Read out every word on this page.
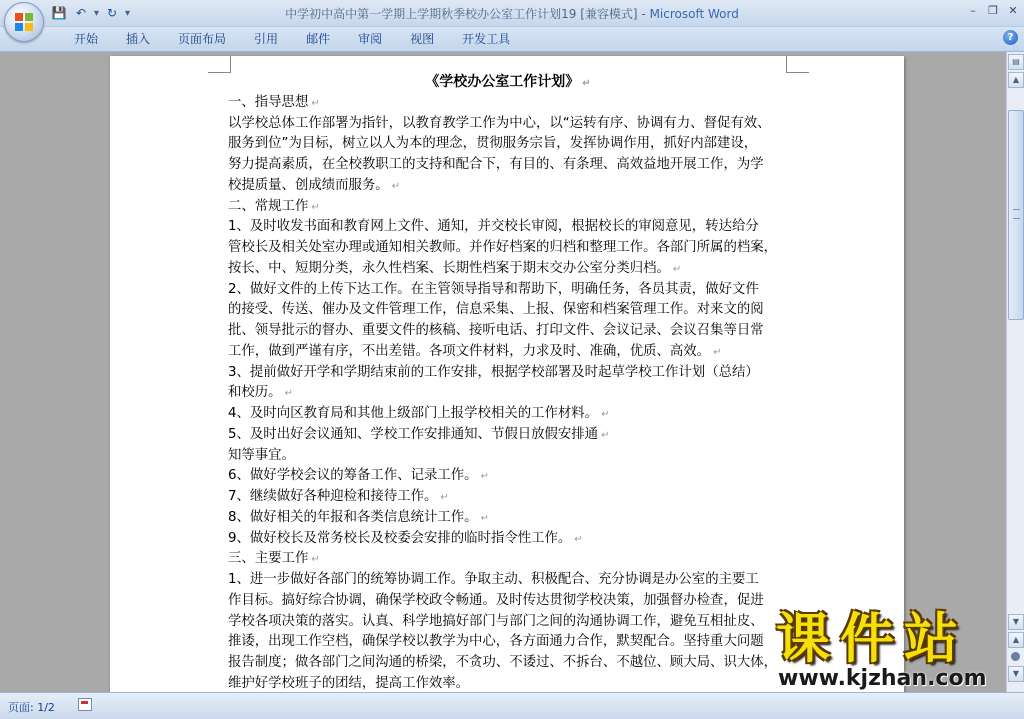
💾 ↶ ▾ ↻ ▾	中学初中高中第一学期上学期秋季校办公室工作计划19 [兼容模式] - Microsoft Word	–	❐ ✕
开始	插入	页面布局	引用	邮件	审阅	视图	开发工具	?
《学校办公室工作计划》 ↵
一、指导思想 ↵
以学校总体工作部署为指针，以教育教学工作为中心，以“运转有序、协调有力、督促有效、
服务到位”为目标，树立以人为本的理念，贯彻服务宗旨，发挥协调作用，抓好内部建设，
努力提高素质，在全校教职工的支持和配合下，有目的、有条理、高效益地开展工作，为学
校提质量、创成绩而服务。 ↵
二、常规工作 ↵
1、及时收发书面和教育网上文件、通知，并交校长审阅，根据校长的审阅意见，转达给分
管校长及相关处室办理或通知相关教师。并作好档案的归档和整理工作。各部门所属的档案，
按长、中、短期分类，永久性档案、长期性档案于期末交办公室分类归档。 ↵
2、做好文件的上传下达工作。在主管领导指导和帮助下，明确任务，各员其责，做好文件
的接受、传送、催办及文件管理工作，信息采集、上报、保密和档案管理工作。对来文的阅
批、领导批示的督办、重要文件的核稿、接听电话、打印文件、会议记录、会议召集等日常
工作，做到严谨有序，不出差错。各项文件材料，力求及时、准确，优质、高效。 ↵
3、提前做好开学和学期结束前的工作安排，根据学校部署及时起草学校工作计划（总结）
和校历。 ↵
4、及时向区教育局和其他上级部门上报学校相关的工作材料。 ↵
5、及时出好会议通知、学校工作安排通知、节假日放假安排通 ↵
知等事宜。
6、做好学校会议的筹备工作、记录工作。 ↵
7、继续做好各种迎检和接待工作。 ↵
8、做好相关的年报和各类信息统计工作。 ↵
9、做好校长及常务校长及校委会安排的临时指令性工作。 ↵
三、主要工作 ↵
1、进一步做好各部门的统筹协调工作。争取主动、积极配合、充分协调是办公室的主要工
作目标。搞好综合协调，确保学校政令畅通。及时传达贯彻学校决策，加强督办检查，促进
学校各项决策的落实。认真、科学地搞好部门与部门之间的沟通协调工作，避免互相扯皮、
推诿，出现工作空档，确保学校以教学为中心，各方面通力合作，默契配合。坚持重大问题
报告制度；做各部门之间沟通的桥梁，不贪功、不诿过、不拆台、不越位、顾大局、识大体，
维护好学校班子的团结，提高工作效率。
▤
▲
▼
▲
▼
页面: 1/2
课件站
www.kjzhan.com
